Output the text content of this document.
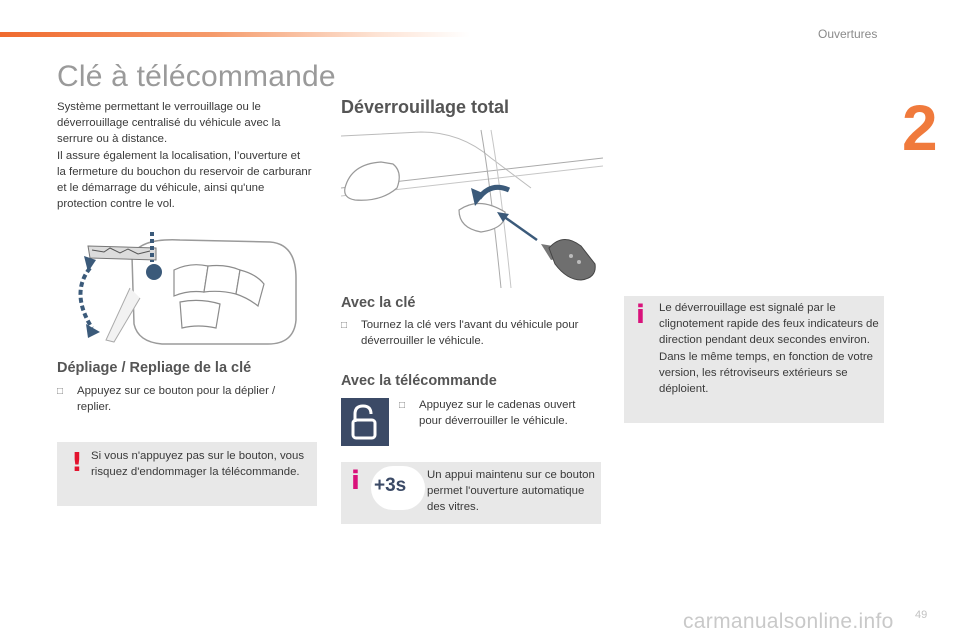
Ouvertures
2
Clé à télécommande

Système permettant le verrouillage ou le déverrouillage centralisé du véhicule avec la serrure ou à distance.

Il assure également la localisation, l’ouverture et la fermeture du bouchon du reservoir de carburanr et le démarrage du véhicule, ainsi qu'une protection contre le vol.

Dépliage / Repliage de la clé
□	Appuyez sur ce bouton pour la déplier / replier.
! Si vous n'appuyez pas sur le bouton, vous risquez d'endommager la télécommande.
Déverrouillage total
Avec la clé
□	Tournez la clé vers l'avant du véhicule pour déverrouiller le véhicule.
Avec la télécommande
□	Appuyez sur le cadenas ouvert pour déverrouiller le véhicule.
i +3s Un appui maintenu sur ce bouton permet l'ouverture automatique des vitres.
i Le déverrouillage est signalé par le clignotement rapide des feux indicateurs de direction pendant deux secondes environ.
Dans le même temps, en fonction de votre version, les rétroviseurs extérieurs se déploient.
49
carmanualsonline.info
